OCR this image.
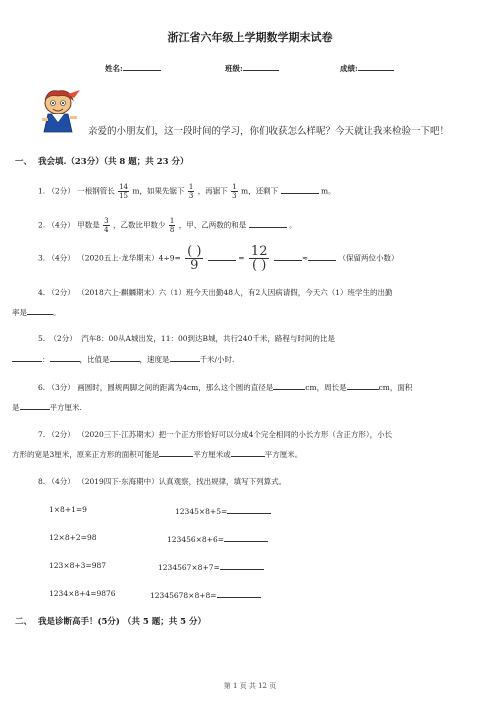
浙江省六年级上学期数学期末试卷
姓名:	班级:	成绩:
亲爱的小朋友们，这一段时间的学习，你们收获怎么样呢？今天就让我来检验一下吧！
一、 我会填.（23分）（共 8 题；共 23 分）
1. （2分） 一根钢管长 $\frac{14}{15}$ m，如果先锯下 $\frac{1}{3}$ ，再锯下 $\frac{1}{3}$ m，还剩下	m。
2. （4分） 甲数是 $\frac{3}{4}$ ，乙数比甲数少 $\frac{1}{8}$ ，甲、乙两数的和是	。
3. （4分） （2020五上·龙华期末）4÷9= ( )
9	= 12
( )	≈	（保留两位小数）
4. （2分） （2018六上·麒麟期末）六（1）班今天出勤48人，有2人因病请假，今天六（1）班学生的出勤
率是	。
5. （2分） 汽车8：00从A城出发，11：00到达B城，共行240千米，路程与时间的比是
：	，比值是	，速度是	千米/小时.
6. （3分） 画圆时，圆规两脚之间的距离为4cm，那么这个圆的直径是	cm，周长是	cm，面积
是	平方厘米.
7. （2分） （2020三下·江苏期末）把一个正方形恰好可以分成4个完全相同的小长方形（含正方形），小长
方形的宽是3厘米，原来正方形的面积可能是	平方厘米或	平方厘米。
8. （4分） （2019四下·东海期中）认真观察，找出规律，填写下列算式。
1×8+1=9	12345×8+5=
12×8+2=98	123456×8+6=
123×8+3=987	1234567×8+7=
1234×8+4=9876	12345678×8+8=
二、 我是诊断高手！(5分) （共 5 题；共 5 分）
第 1 页 共 12 页
